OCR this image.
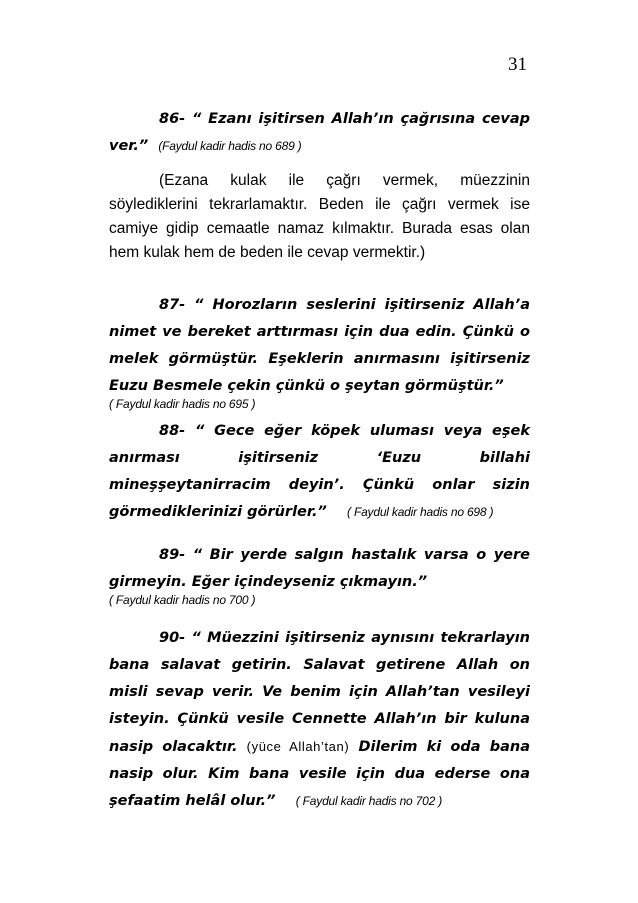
31

86- “ Ezanı işitirsen Allah’ın çağrısına cevap ver.” (Faydul kadir hadis no 689 )

(Ezana kulak ile çağrı vermek, müezzinin söylediklerini tekrarlamaktır. Beden ile çağrı vermek ise camiye gidip cemaatle namaz kılmaktır. Burada esas olan hem kulak hem de beden ile cevap vermektir.)

87- “ Horozların seslerini işitirseniz Allah’a nimet ve bereket arttırması için dua edin. Çünkü o melek görmüştür. Eşeklerin anırmasını işitirseniz Euzu Besmele çekin çünkü o şeytan görmüştür.”
( Faydul kadir hadis no 695 )

88- “ Gece eğer köpek uluması veya eşek anırması işitirseniz ‘Euzu billahi mineşşeytanirracim deyin’. Çünkü onlar sizin görmediklerinizi görürler.” ( Faydul kadir hadis no 698 )

89- “ Bir yerde salgın hastalık varsa o yere girmeyin. Eğer içindeyseniz çıkmayın.”
( Faydul kadir hadis no 700 )

90- “ Müezzini işitirseniz aynısını tekrarlayın bana salavat getirin. Salavat getirene Allah on misli sevap verir. Ve benim için Allah’tan vesileyi isteyin. Çünkü vesile Cennette Allah’ın bir kuluna nasip olacaktır. (yüce Allah’tan) Dilerim ki oda bana nasip olur. Kim bana vesile için dua ederse ona şefaatim helâl olur.” ( Faydul kadir hadis no 702 )
